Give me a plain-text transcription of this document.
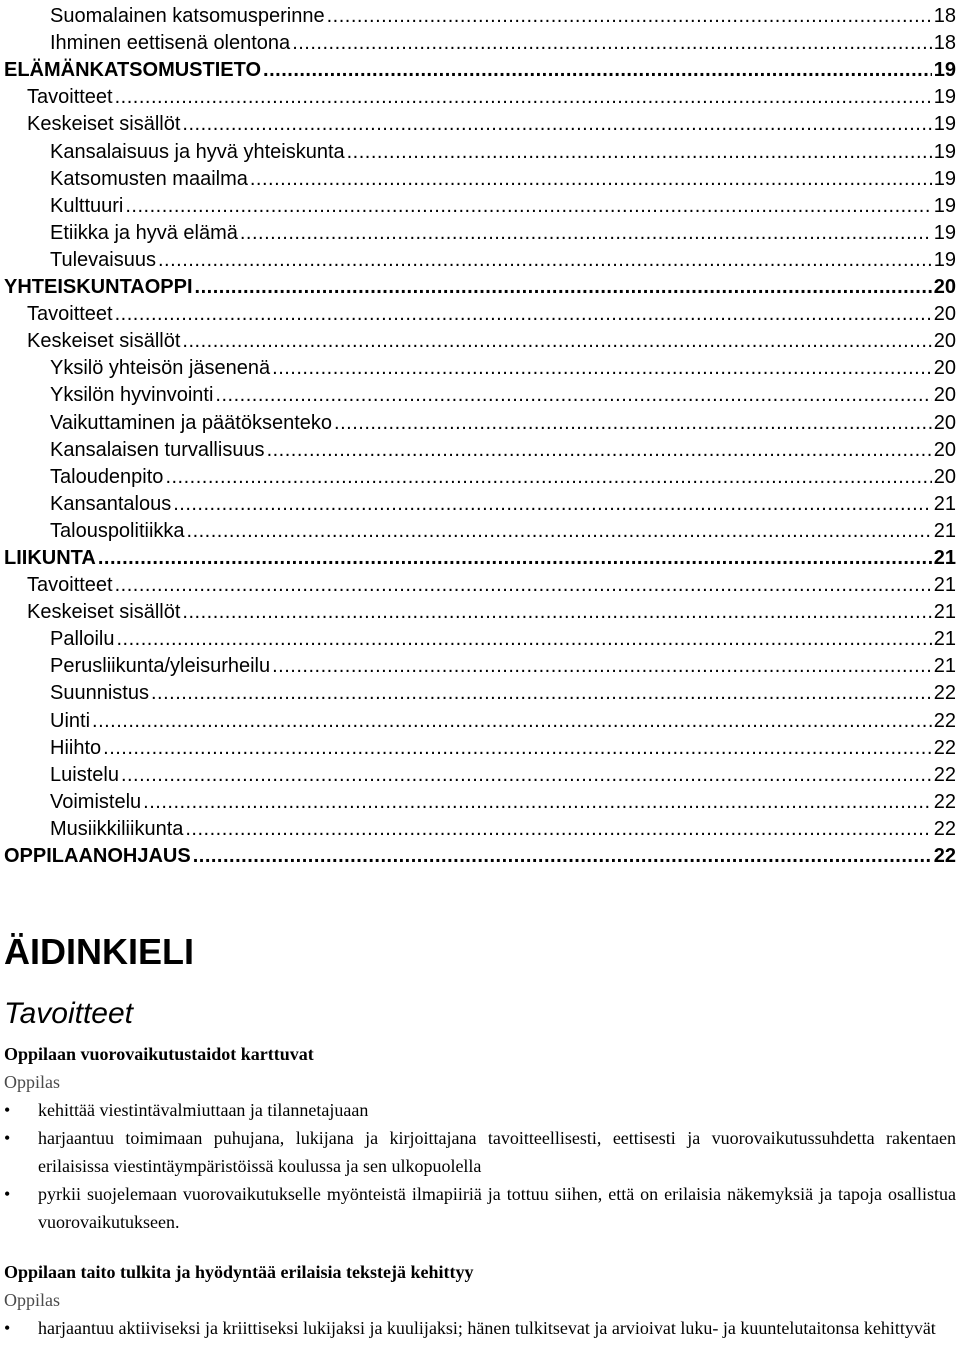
Suomalainen katsomusperinne .....	18
Ihminen eettisenä olentona .....	18
ELÄMÄNKATSOMUSTIETO .....	19
Tavoitteet .....	19
Keskeiset sisällöt .....	19
Kansalaisuus ja hyvä yhteiskunta .....	19
Katsomusten maailma .....	19
Kulttuuri .....	19
Etiikka ja hyvä elämä .....	19
Tulevaisuus .....	19
YHTEISKUNTAOPPI .....	20
Tavoitteet .....	20
Keskeiset sisällöt .....	20
Yksilö yhteisön jäsenenä .....	20
Yksilön hyvinvointi .....	20
Vaikuttaminen ja päätöksenteko .....	20
Kansalaisen turvallisuus .....	20
Taloudenpito .....	20
Kansantalous .....	21
Talouspolitiikka .....	21
LIIKUNTA .....	21
Tavoitteet .....	21
Keskeiset sisällöt .....	21
Palloilu .....	21
Perusliikunta/yleisurheilu .....	21
Suunnistus .....	22
Uinti .....	22
Hiihto .....	22
Luistelu .....	22
Voimistelu .....	22
Musiikkiliikunta .....	22
OPPILAANOHJAUS .....	22
ÄIDINKIELI
Tavoitteet

Oppilaan vuorovaikutustaidot karttuvat

Oppilas

• kehittää viestintävalmiuttaan ja tilannetajuaan
• harjaantuu toimimaan puhujana, lukijana ja kirjoittajana tavoitteellisesti, eettisesti ja vuorovaikutussuhdetta rakentaen erilaisissa viestintäympäristöissä koulussa ja sen ulkopuolella
• pyrkii suojelemaan vuorovaikutukselle myönteistä ilmapiiriä ja tottuu siihen, että on erilaisia näkemyksiä ja tapoja osallistua vuorovaikutukseen.

Oppilaan taito tulkita ja hyödyntää erilaisia tekstejä kehittyy

Oppilas

• harjaantuu aktiiviseksi ja kriittiseksi lukijaksi ja kuulijaksi; hänen tulkitsevat ja arvioivat luku- ja kuuntelutaitonsa kehittyvät
